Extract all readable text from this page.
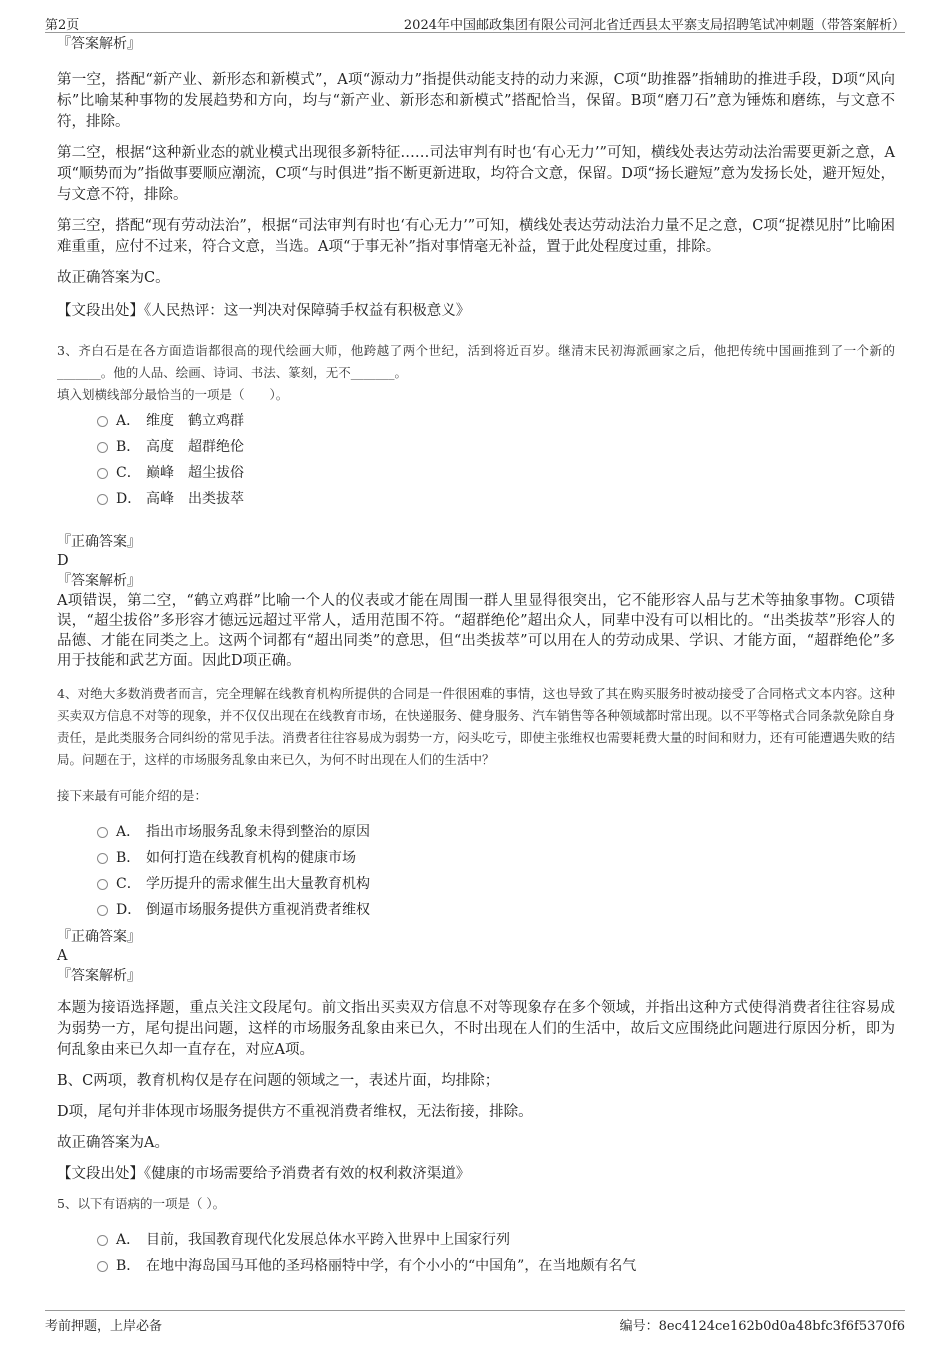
第2页	2024年中国邮政集团有限公司河北省迁西县太平寨支局招聘笔试冲刺题（带答案解析）

『答案解析』

第一空，搭配“新产业、新形态和新模式”，A项“源动力”指提供动能支持的动力来源，C项“助推器”指辅助的推进手段，D项“风向标”比喻某种事物的发展趋势和方向，均与“新产业、新形态和新模式”搭配恰当，保留。B项“磨刀石”意为锤炼和磨练，与文意不符，排除。

第二空，根据“这种新业态的就业模式出现很多新特征……司法审判有时也‘有心无力’”可知，横线处表达劳动法治需要更新之意，A项“顺势而为”指做事要顺应潮流，C项“与时俱进”指不断更新进取，均符合文意，保留。D项“扬长避短”意为发扬长处，避开短处，与文意不符，排除。

第三空，搭配“现有劳动法治”，根据“司法审判有时也‘有心无力’”可知，横线处表达劳动法治力量不足之意，C项“捉襟见肘”比喻困难重重，应付不过来，符合文意，当选。A项“于事无补”指对事情毫无补益，置于此处程度过重，排除。

故正确答案为C。

【文段出处】《人民热评：这一判决对保障骑手权益有积极意义》

3、齐白石是在各方面造诣都很高的现代绘画大师，他跨越了两个世纪，活到将近百岁。继清末民初海派画家之后，他把传统中国画推到了一个新的_______。他的人品、绘画、诗词、书法、篆刻，无不_______。

填入划横线部分最恰当的一项是（　　）。

A． 维度 鹤立鸡群
B． 高度 超群绝伦
C． 巅峰 超尘拔俗
D． 高峰 出类拔萃

『正确答案』

D

『答案解析』

A项错误，第二空，“鹤立鸡群”比喻一个人的仪表或才能在周围一群人里显得很突出，它不能形容人品与艺术等抽象事物。C项错误，“超尘拔俗”多形容才德远远超过平常人，适用范围不符。“超群绝伦”超出众人，同辈中没有可以相比的。“出类拔萃”形容人的品德、才能在同类之上。这两个词都有“超出同类”的意思，但“出类拔萃”可以用在人的劳动成果、学识、才能方面，“超群绝伦”多用于技能和武艺方面。因此D项正确。

4、对绝大多数消费者而言，完全理解在线教育机构所提供的合同是一件很困难的事情，这也导致了其在购买服务时被动接受了合同格式文本内容。这种买卖双方信息不对等的现象，并不仅仅出现在在线教育市场，在快递服务、健身服务、汽车销售等各种领域都时常出现。以不平等格式合同条款免除自身责任，是此类服务合同纠纷的常见手法。消费者往往容易成为弱势一方，闷头吃亏，即使主张维权也需要耗费大量的时间和财力，还有可能遭遇失败的结局。问题在于，这样的市场服务乱象由来已久，为何不时出现在人们的生活中？

接下来最有可能介绍的是：

A． 指出市场服务乱象未得到整治的原因
B． 如何打造在线教育机构的健康市场
C． 学历提升的需求催生出大量教育机构
D． 倒逼市场服务提供方重视消费者维权

『正确答案』

A

『答案解析』

本题为接语选择题，重点关注文段尾句。前文指出买卖双方信息不对等现象存在多个领域，并指出这种方式使得消费者往往容易成为弱势一方，尾句提出问题，这样的市场服务乱象由来已久，不时出现在人们的生活中，故后文应围绕此问题进行原因分析，即为何乱象由来已久却一直存在，对应A项。

B、C两项，教育机构仅是存在问题的领域之一，表述片面，均排除；

D项，尾句并非体现市场服务提供方不重视消费者维权，无法衔接，排除。

故正确答案为A。

【文段出处】《健康的市场需要给予消费者有效的权利救济渠道》

5、以下有语病的一项是（ ）。

A． 目前，我国教育现代化发展总体水平跨入世界中上国家行列
B． 在地中海岛国马耳他的圣玛格丽特中学，有个小小的“中国角”，在当地颇有名气
考前押题，上岸必备	编号：8ec4124ce162b0d0a48bfc3f6f5370f6
